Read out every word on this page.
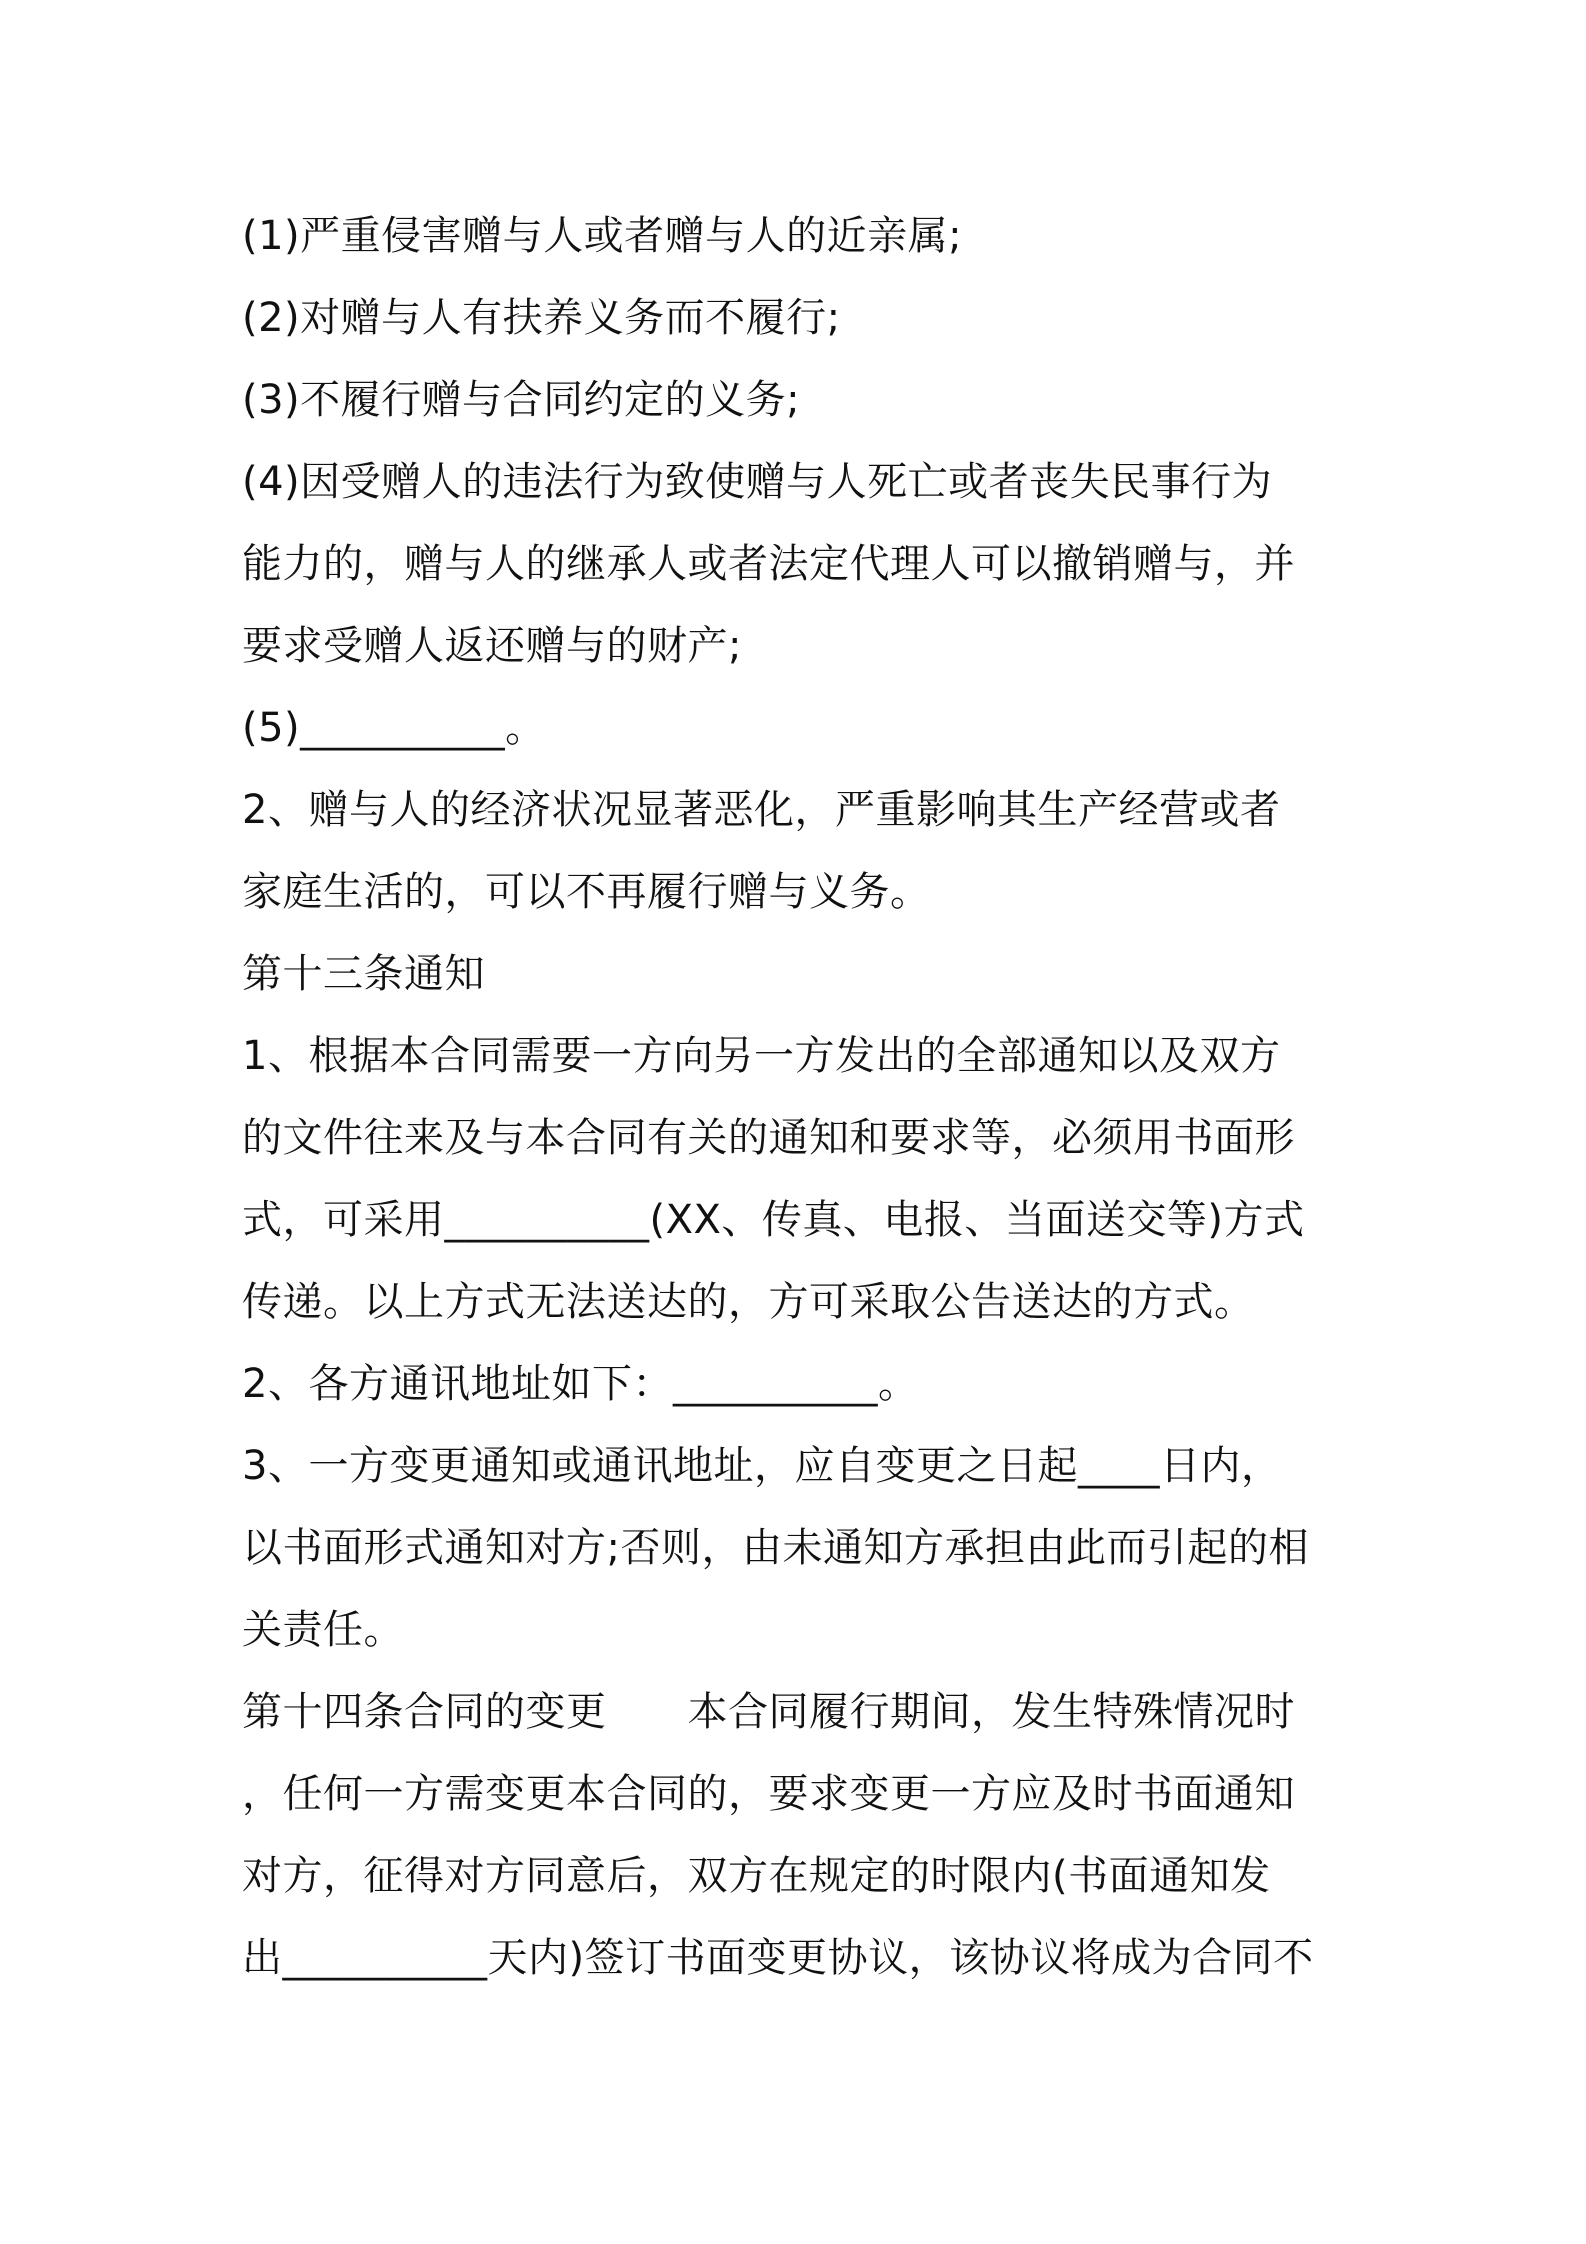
(1)严重侵害赠与人或者赠与人的近亲属;
(2)对赠与人有扶养义务而不履行;
(3)不履行赠与合同约定的义务;
(4)因受赠人的违法行为致使赠与人死亡或者丧失民事行为
能力的，赠与人的继承人或者法定代理人可以撤销赠与，并
要求受赠人返还赠与的财产;
(5)__________。
2、赠与人的经济状况显著恶化，严重影响其生产经营或者
家庭生活的，可以不再履行赠与义务。
第十三条通知
1、根据本合同需要一方向另一方发出的全部通知以及双方
的文件往来及与本合同有关的通知和要求等，必须用书面形
式，可采用__________(XX、传真、电报、当面送交等)方式
传递。以上方式无法送达的，方可采取公告送达的方式。
2、各方通讯地址如下：__________。
3、一方变更通知或通讯地址，应自变更之日起____日内，
以书面形式通知对方;否则，由未通知方承担由此而引起的相
关责任。
第十四条合同的变更　　本合同履行期间，发生特殊情况时
，任何一方需变更本合同的，要求变更一方应及时书面通知
对方，征得对方同意后，双方在规定的时限内(书面通知发
出__________天内)签订书面变更协议，该协议将成为合同不
